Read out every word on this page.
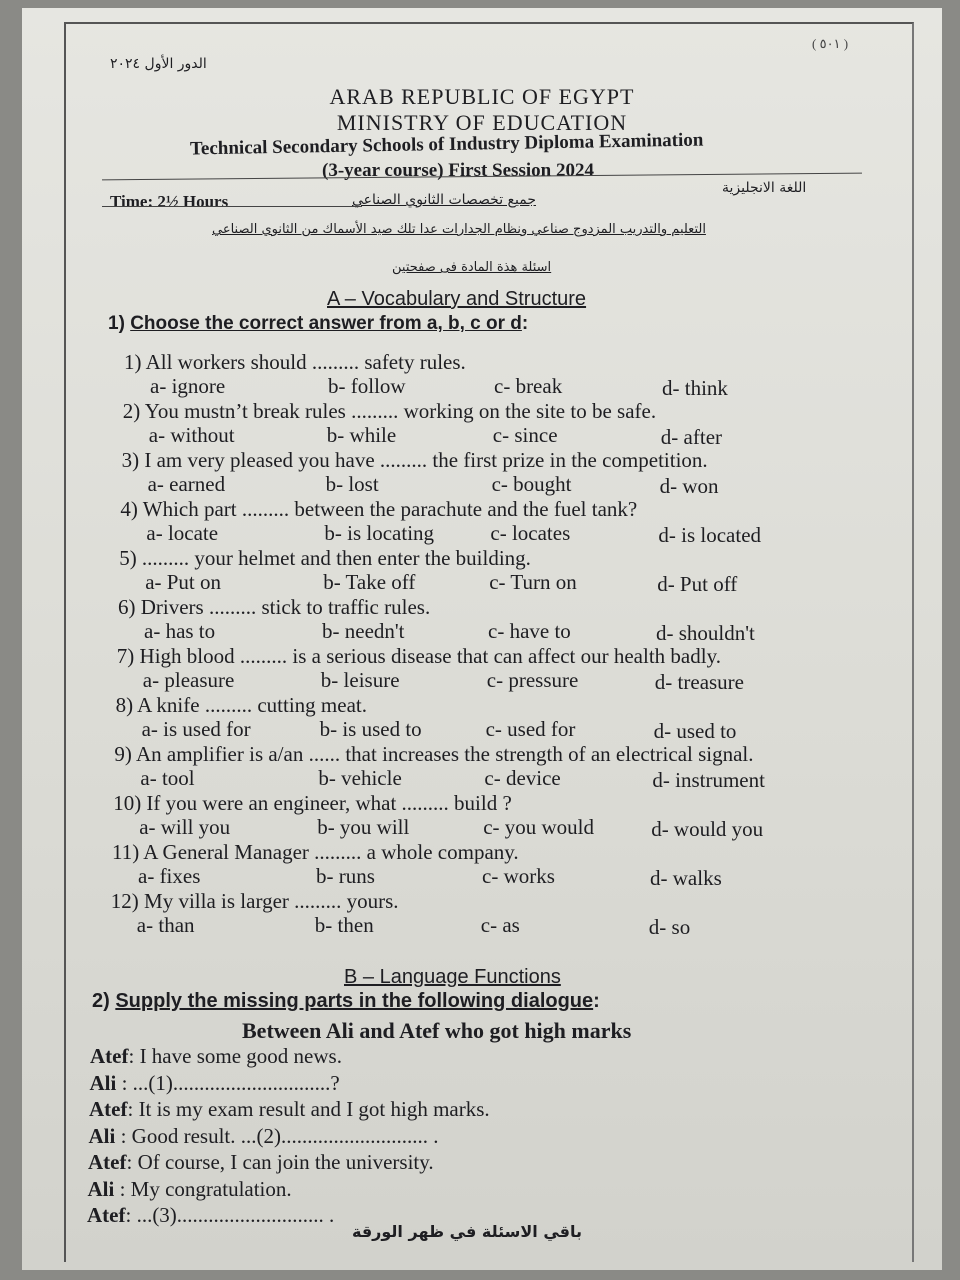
( ٥٠١ )
الدور الأول ٢٠٢٤
ARAB REPUBLIC OF EGYPT
MINISTRY OF EDUCATION
Technical Secondary Schools of Industry Diploma Examination
(3-year course) First Session 2024
Time: 2½ Hours	جميع تخصصات الثانوي الصناعي
اللغة الانجليزية
التعليم والتدريب المزدوج صناعي ونظام الجدارات عدا تلك صيد الأسماك من الثانوي الصناعي
اسئلة هذة المادة فى صفحتين
A – Vocabulary and Structure
1) Choose the correct answer from a, b, c or d:
1) All workers should ......... safety rules.
a- ignore	b- follow	c- break	d- think
2) You mustn’t break rules ......... working on the site to be safe.
a- without	b- while	c- since	d- after
3) I am very pleased you have ......... the first prize in the competition.
a- earned	b- lost	c- bought	d- won
4) Which part ......... between the parachute and the fuel tank?
a- locate	b- is locating	c- locates	d- is located
5) ......... your helmet and then enter the building.
a- Put on	b- Take off	c- Turn on	d- Put off
6) Drivers ......... stick to traffic rules.
a- has to	b- needn't	c- have to	d- shouldn't
7) High blood ......... is a serious disease that can affect our health badly.
a- pleasure	b- leisure	c- pressure	d- treasure
8) A knife ......... cutting meat.
a- is used for	b- is used to	c- used for	d- used to
9) An amplifier is a/an ...... that increases the strength of an electrical signal.
a- tool	b- vehicle	c- device	d- instrument
10) If you were an engineer, what ......... build ?
a- will you	b- you will	c- you would	d- would you
11) A General Manager ......... a whole company.
a- fixes	b- runs	c- works	d- walks
12) My villa is larger ......... yours.
a- than	b- then	c- as	d- so
B – Language Functions
2) Supply the missing parts in the following dialogue:
Between Ali and Atef who got high marks
Atef: I have some good news.
Ali : ...(1)..............................?
Atef: It is my exam result and I got high marks.
Ali : Good result. ...(2)............................ .
Atef: Of course, I can join the university.
Ali : My congratulation.
Atef: ...(3)............................ .
باقي الاسئلة في ظهر الورقة
